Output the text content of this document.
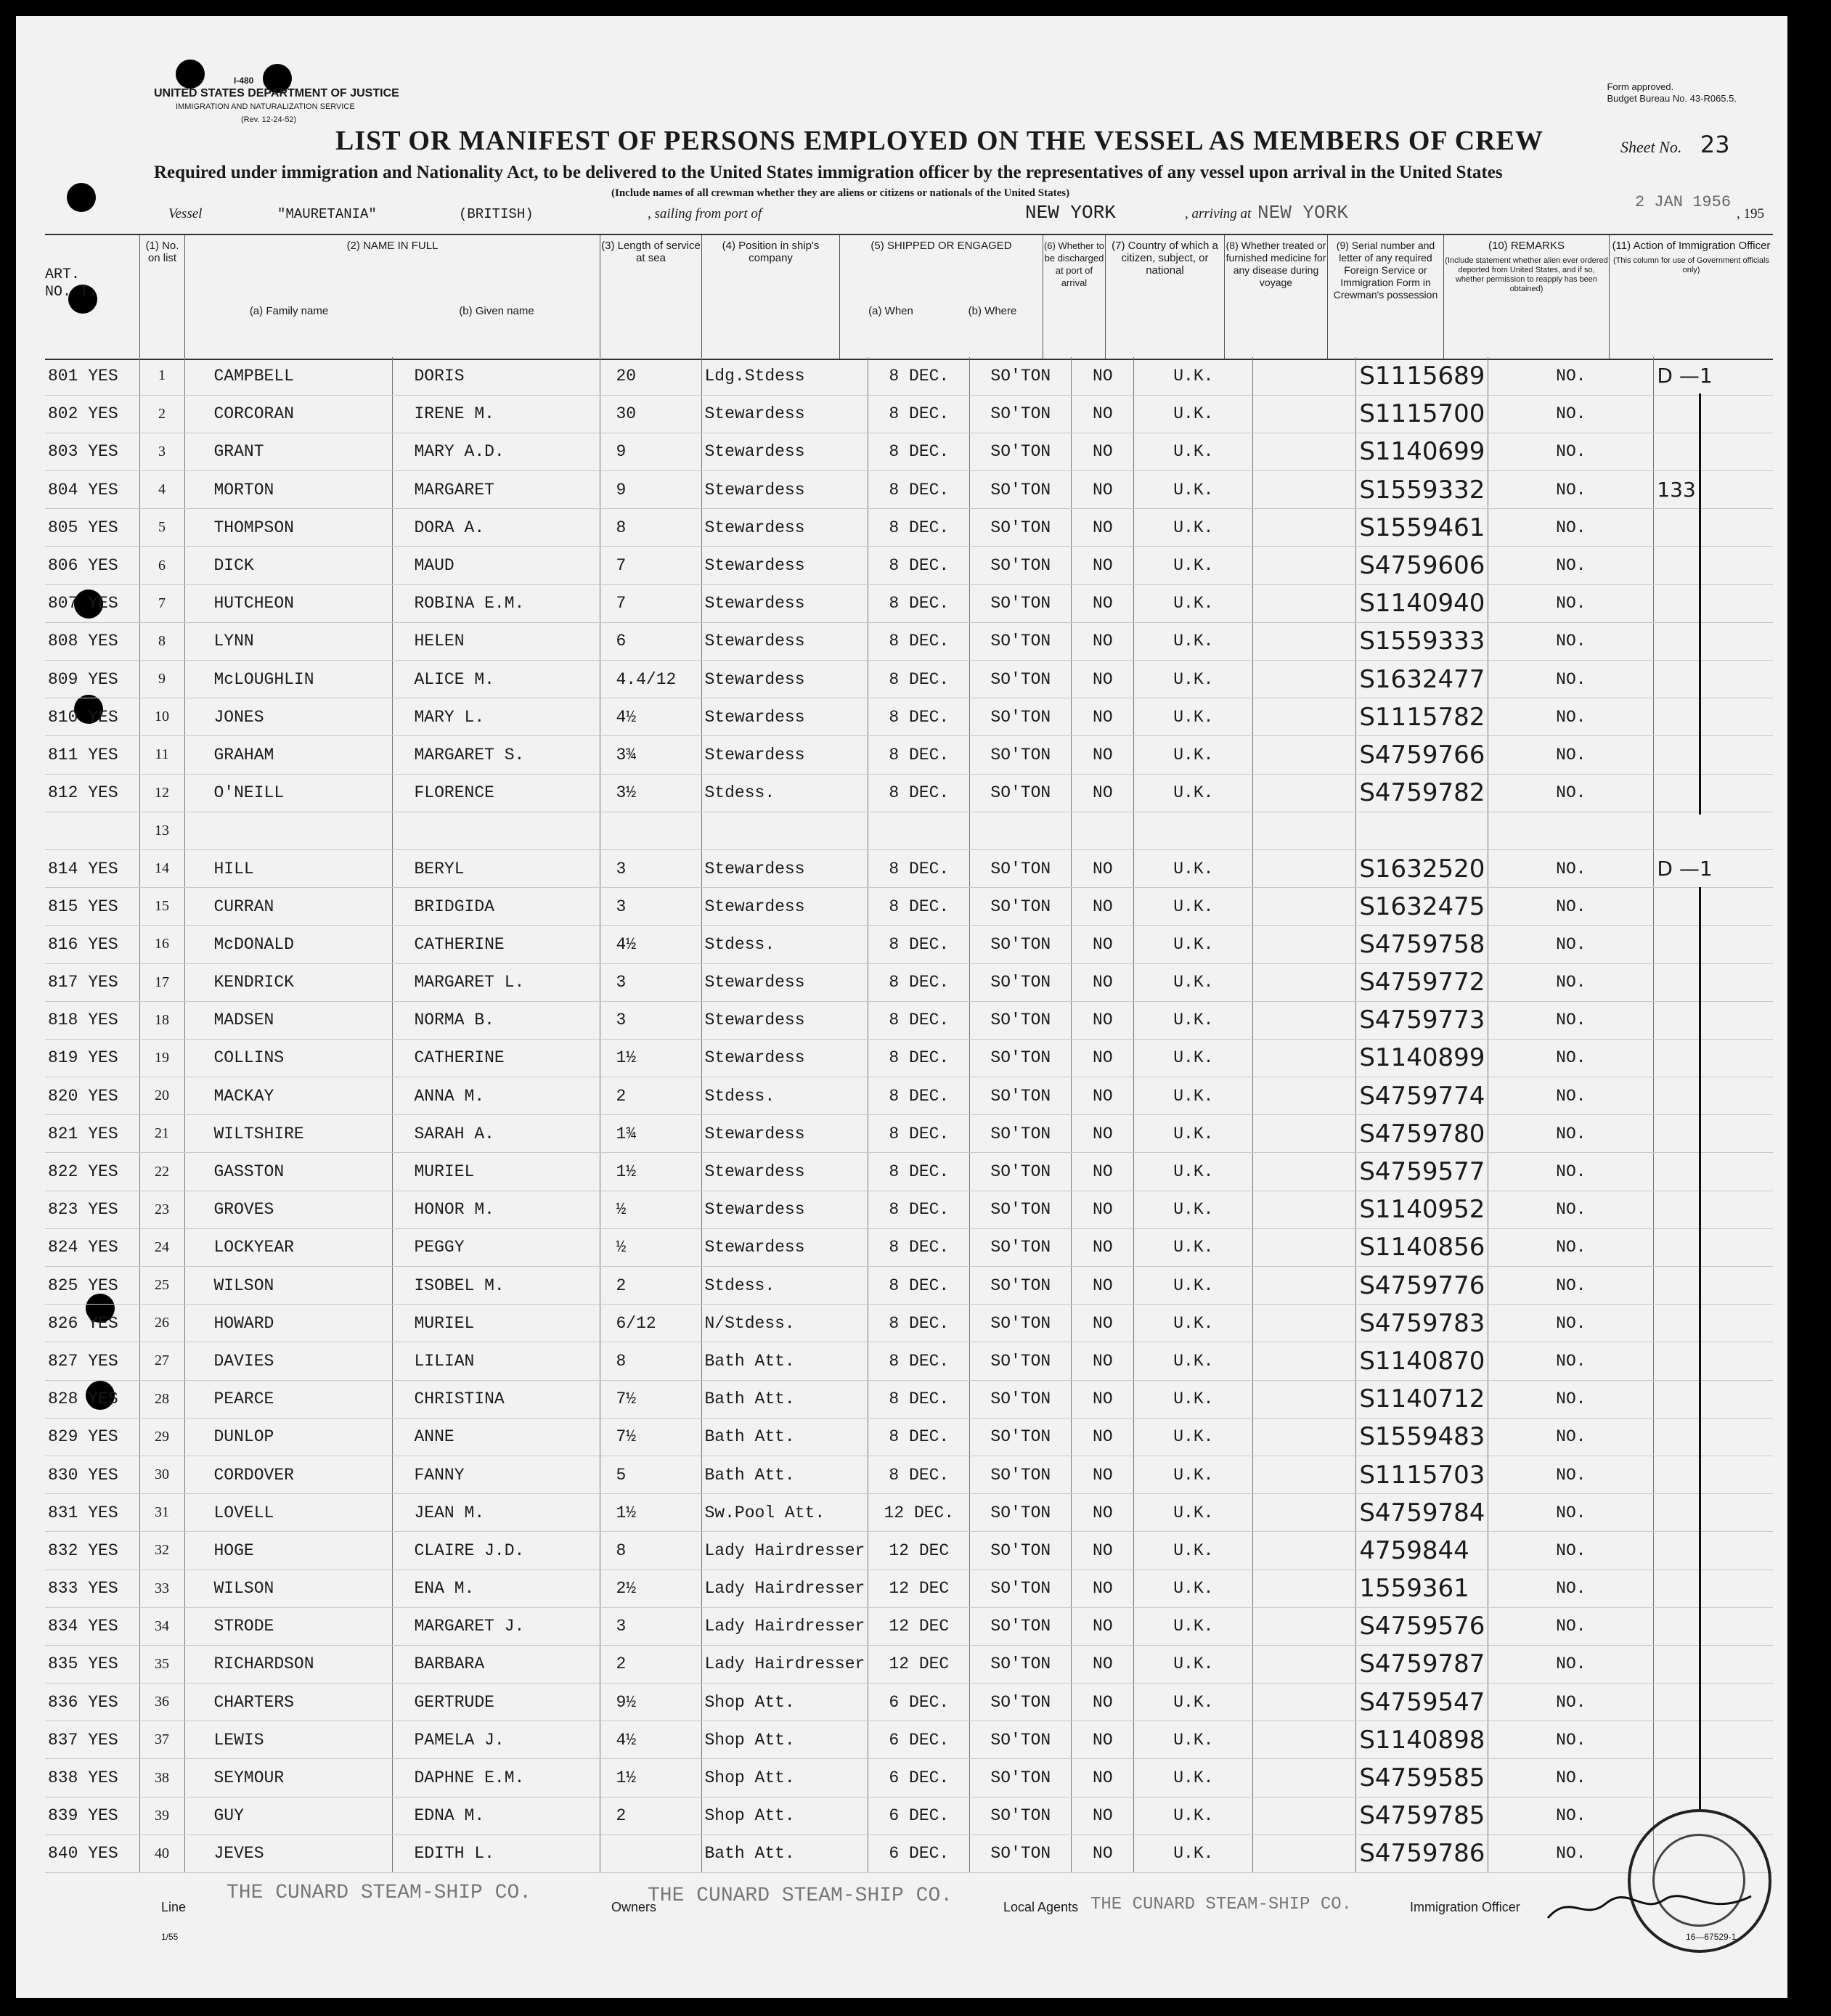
I-480
UNITED STATES DEPARTMENT OF JUSTICE
IMMIGRATION AND NATURALIZATION SERVICE
(Rev. 12-24-52)
Form approved.
Budget Bureau No. 43-R065.5.
LIST OR MANIFEST OF PERSONS EMPLOYED ON THE VESSEL AS MEMBERS OF CREW	Sheet No. 23
Required under immigration and Nationality Act, to be delivered to the United States immigration officer by the representatives of any vessel upon arrival in the United States
(Include names of all crewman whether they are aliens or citizens or nationals of the United States)
Vessel	"MAURETANIA"	(BRITISH)	, sailing from port of	NEW YORK	, arriving at NEW YORK	2 JAN 1956
, 195
(1) No. on list
(2) NAME IN FULL
(a) Family name	(b) Given name
(3) Length of service at sea
(4) Position in ship's company
(5) SHIPPED OR ENGAGED
(a) When	(b) Where
(6) Whether to be discharged at port of arrival
(7) Country of which a citizen, subject, or national
(8) Whether treated or furnished medicine for any disease during voyage
(9) Serial number and letter of any required Foreign Service or Immigration Form in Crewman's possession
(10) REMARKS
(Include statement whether alien ever ordered deported from United States, and if so, whether permission to reapply has been obtained)
(11) Action of Immigration Officer
(This column for use of Government officials only)
ART. NO. T.
801 YES	1	CAMPBELL	DORIS	20	Ldg.Stdess	8 DEC.	SO'TON	NO	U.K.		S1115689	NO.	D —1
802 YES	2	CORCORAN	IRENE M.	30	Stewardess	8 DEC.	SO'TON	NO	U.K.		S1115700	NO.	
803 YES	3	GRANT	MARY A.D.	9	Stewardess	8 DEC.	SO'TON	NO	U.K.		S1140699	NO.	
804 YES	4	MORTON	MARGARET	9	Stewardess	8 DEC.	SO'TON	NO	U.K.		S1559332	NO.	133
805 YES	5	THOMPSON	DORA A.	8	Stewardess	8 DEC.	SO'TON	NO	U.K.		S1559461	NO.	
806 YES	6	DICK	MAUD	7	Stewardess	8 DEC.	SO'TON	NO	U.K.		S4759606	NO.	
807 YES	7	HUTCHEON	ROBINA E.M.	7	Stewardess	8 DEC.	SO'TON	NO	U.K.		S1140940	NO.	
808 YES	8	LYNN	HELEN	6	Stewardess	8 DEC.	SO'TON	NO	U.K.		S1559333	NO.	
809 YES	9	McLOUGHLIN	ALICE M.	4.4/12	Stewardess	8 DEC.	SO'TON	NO	U.K.		S1632477	NO.	
810 YES	10	JONES	MARY L.	4½	Stewardess	8 DEC.	SO'TON	NO	U.K.		S1115782	NO.	
811 YES	11	GRAHAM	MARGARET S.	3¾	Stewardess	8 DEC.	SO'TON	NO	U.K.		S4759766	NO.	
812 YES	12	O'NEILL	FLORENCE	3½	Stdess.	8 DEC.	SO'TON	NO	U.K.		S4759782	NO.	
	13												
814 YES	14	HILL	BERYL	3	Stewardess	8 DEC.	SO'TON	NO	U.K.		S1632520	NO.	D —1
815 YES	15	CURRAN	BRIDGIDA	3	Stewardess	8 DEC.	SO'TON	NO	U.K.		S1632475	NO.	
816 YES	16	McDONALD	CATHERINE	4½	Stdess.	8 DEC.	SO'TON	NO	U.K.		S4759758	NO.	
817 YES	17	KENDRICK	MARGARET L.	3	Stewardess	8 DEC.	SO'TON	NO	U.K.		S4759772	NO.	
818 YES	18	MADSEN	NORMA B.	3	Stewardess	8 DEC.	SO'TON	NO	U.K.		S4759773	NO.	
819 YES	19	COLLINS	CATHERINE	1½	Stewardess	8 DEC.	SO'TON	NO	U.K.		S1140899	NO.	
820 YES	20	MACKAY	ANNA M.	2	Stdess.	8 DEC.	SO'TON	NO	U.K.		S4759774	NO.	
821 YES	21	WILTSHIRE	SARAH A.	1¾	Stewardess	8 DEC.	SO'TON	NO	U.K.		S4759780	NO.	
822 YES	22	GASSTON	MURIEL	1½	Stewardess	8 DEC.	SO'TON	NO	U.K.		S4759577	NO.	
823 YES	23	GROVES	HONOR M.	½	Stewardess	8 DEC.	SO'TON	NO	U.K.		S1140952	NO.	
824 YES	24	LOCKYEAR	PEGGY	½	Stewardess	8 DEC.	SO'TON	NO	U.K.		S1140856	NO.	
825 YES	25	WILSON	ISOBEL M.	2	Stdess.	8 DEC.	SO'TON	NO	U.K.		S4759776	NO.	
826 YES	26	HOWARD	MURIEL	6/12	N/Stdess.	8 DEC.	SO'TON	NO	U.K.		S4759783	NO.	
827 YES	27	DAVIES	LILIAN	8	Bath Att.	8 DEC.	SO'TON	NO	U.K.		S1140870	NO.	
828 YES	28	PEARCE	CHRISTINA	7½	Bath Att.	8 DEC.	SO'TON	NO	U.K.		S1140712	NO.	
829 YES	29	DUNLOP	ANNE	7½	Bath Att.	8 DEC.	SO'TON	NO	U.K.		S1559483	NO.	
830 YES	30	CORDOVER	FANNY	5	Bath Att.	8 DEC.	SO'TON	NO	U.K.		S1115703	NO.	
831 YES	31	LOVELL	JEAN M.	1½	Sw.Pool Att.	12 DEC.	SO'TON	NO	U.K.		S4759784	NO.	
832 YES	32	HOGE	CLAIRE J.D.	8	Lady Hairdresser	12 DEC	SO'TON	NO	U.K.		4759844	NO.	
833 YES	33	WILSON	ENA M.	2½	Lady Hairdresser	12 DEC	SO'TON	NO	U.K.		1559361	NO.	
834 YES	34	STRODE	MARGARET J.	3	Lady Hairdresser	12 DEC	SO'TON	NO	U.K.		S4759576	NO.	
835 YES	35	RICHARDSON	BARBARA	2	Lady Hairdresser	12 DEC	SO'TON	NO	U.K.		S4759787	NO.	
836 YES	36	CHARTERS	GERTRUDE	9½	Shop Att.	6 DEC.	SO'TON	NO	U.K.		S4759547	NO.	
837 YES	37	LEWIS	PAMELA J.	4½	Shop Att.	6 DEC.	SO'TON	NO	U.K.		S1140898	NO.	
838 YES	38	SEYMOUR	DAPHNE E.M.	1½	Shop Att.	6 DEC.	SO'TON	NO	U.K.		S4759585	NO.	
839 YES	39	GUY	EDNA M.	2	Shop Att.	6 DEC.	SO'TON	NO	U.K.		S4759785	NO.	
840 YES	40	JEVES	EDITH L.		Bath Att.	6 DEC.	SO'TON	NO	U.K.		S4759786	NO.	
Line	Owners	Local Agents	Immigration Officer
1/55	16—67529-1
THE CUNARD STEAM-SHIP CO.	THE CUNARD STEAM-SHIP CO.	THE CUNARD STEAM-SHIP CO.
